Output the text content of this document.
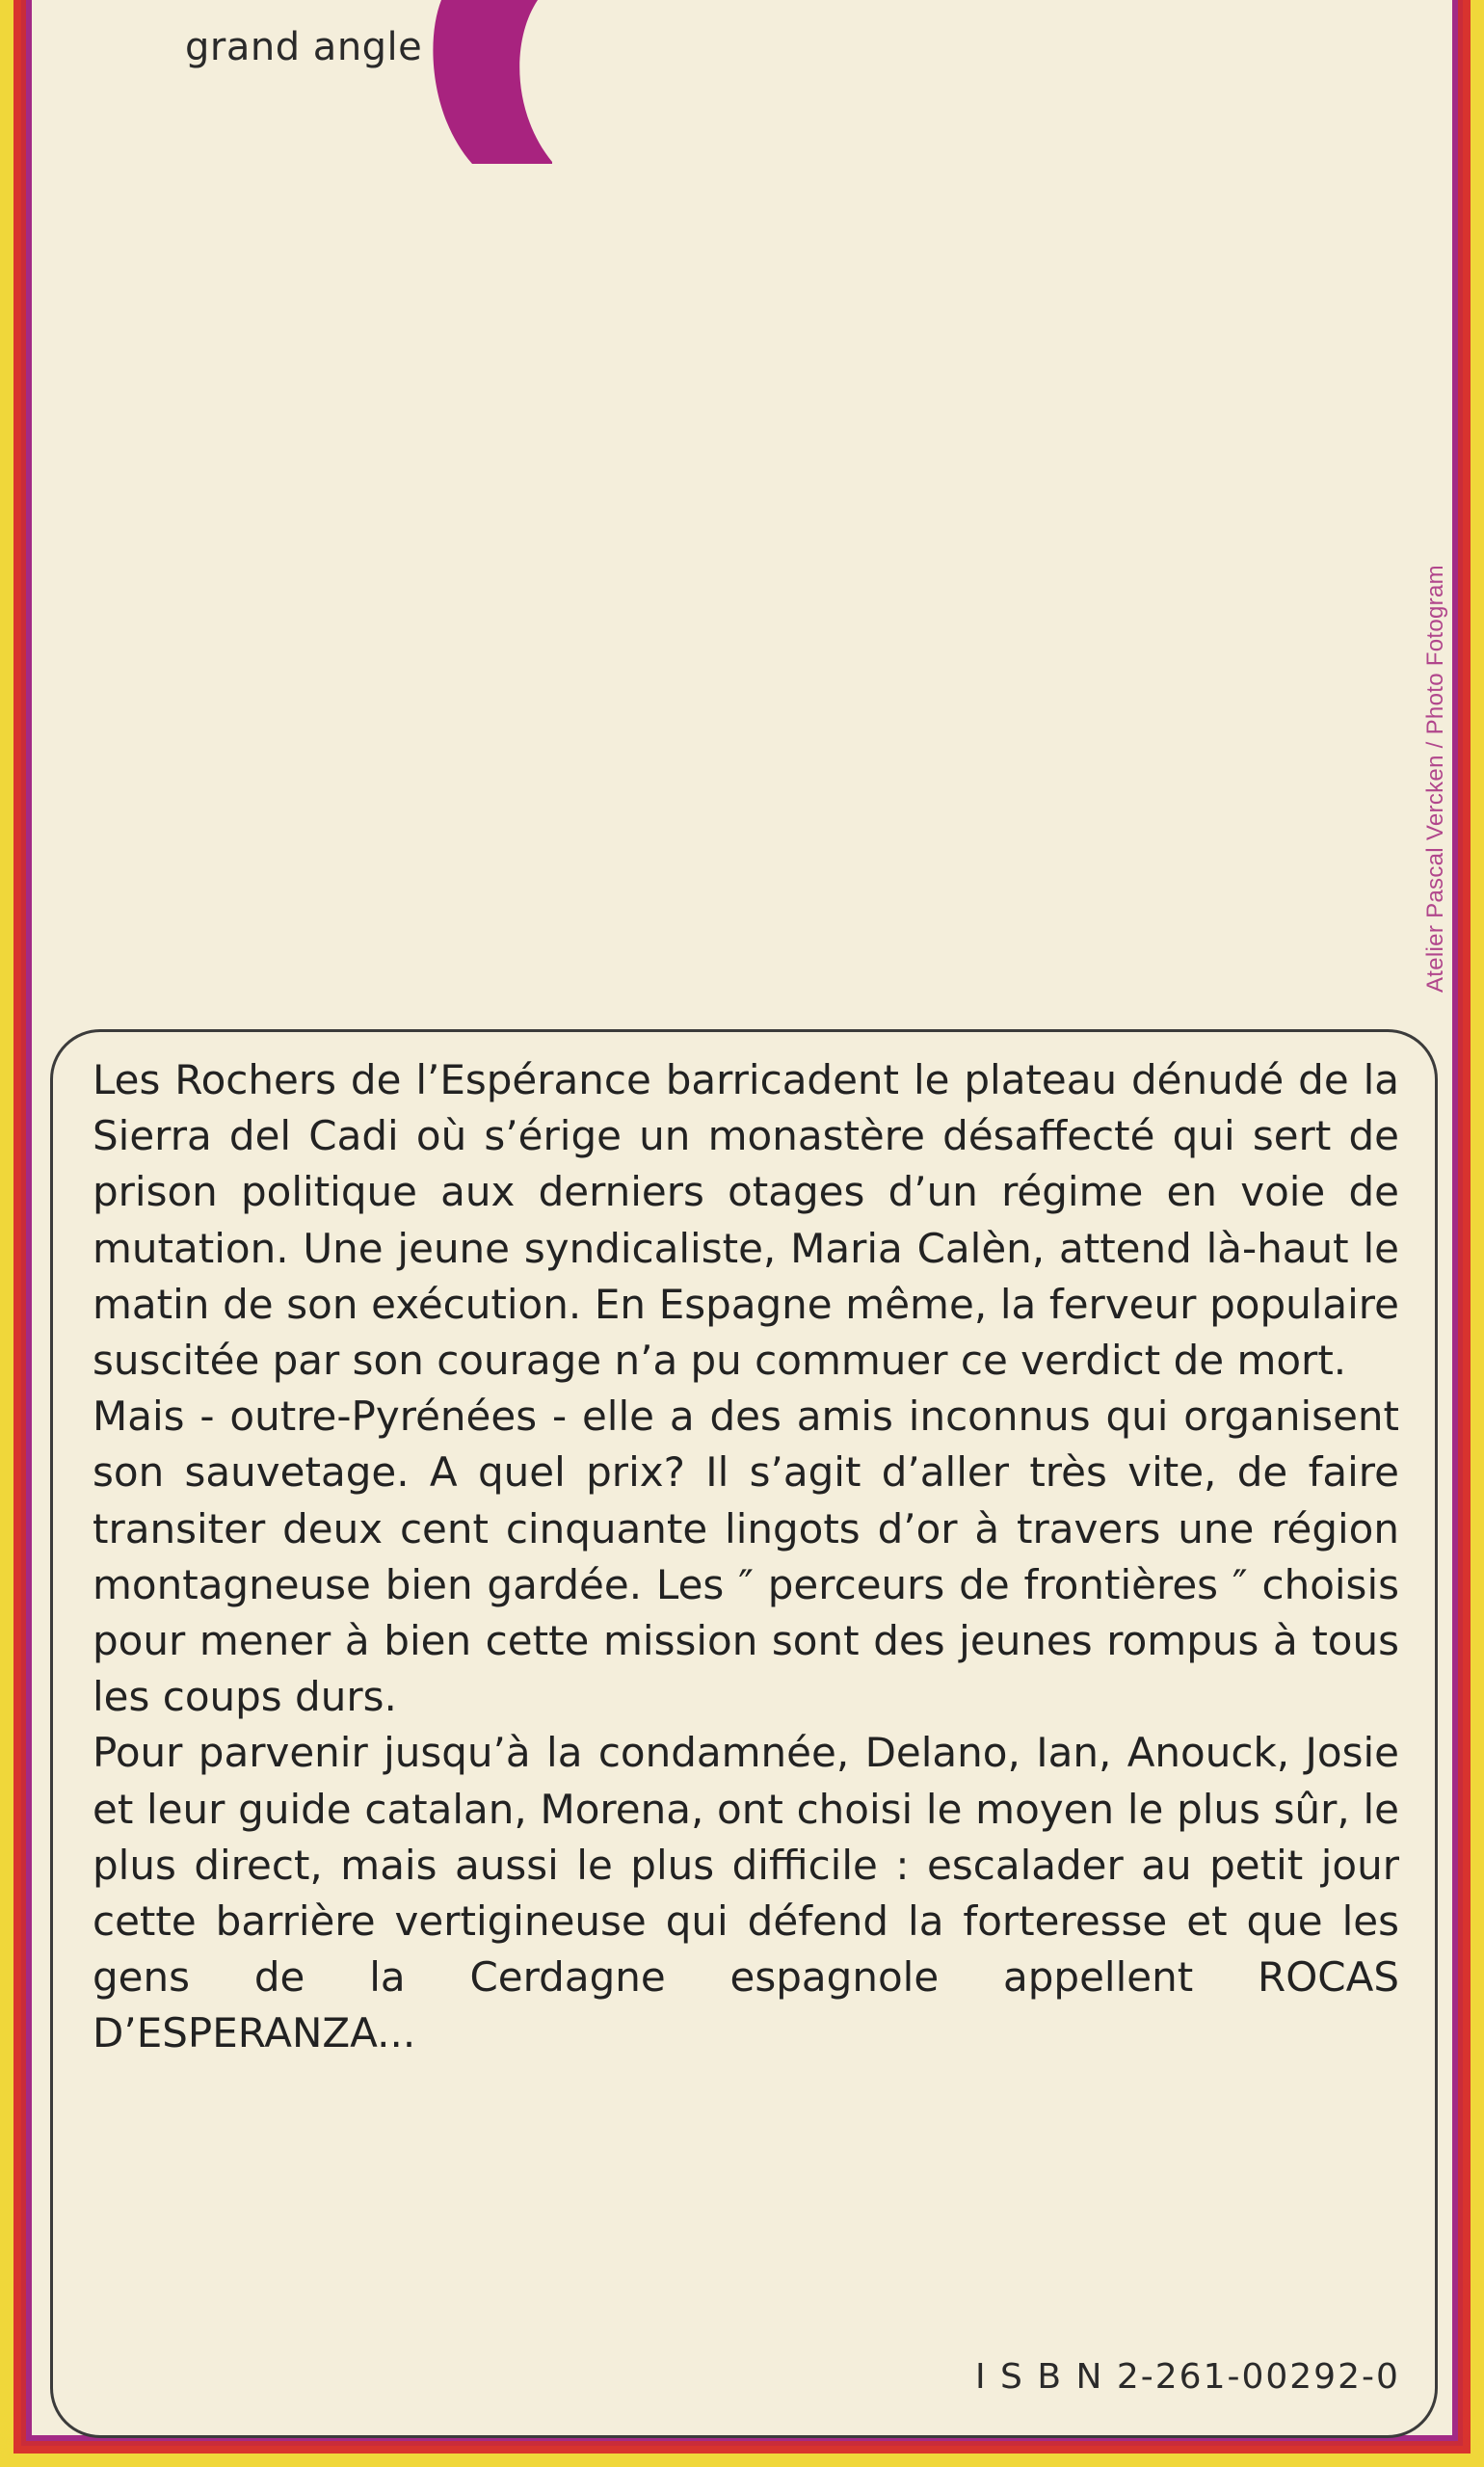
grand angle
Atelier Pascal Vercken / Photo Fotogram

Les Rochers de l’Espérance barricadent le plateau dénudé de la Sierra del Cadi où s’érige un monastère désaffecté qui sert de prison politique aux derniers otages d’un régime en voie de mutation. Une jeune syndicaliste, Maria Calèn, attend là-haut le matin de son exécution. En Espagne même, la ferveur populaire suscitée par son courage n’a pu commuer ce verdict de mort.

Mais - outre-Pyrénées - elle a des amis inconnus qui organisent son sauvetage. A quel prix? Il s’agit d’aller très vite, de faire transiter deux cent cinquante lingots d’or à travers une région montagneuse bien gardée. Les ″ perceurs de frontières ″ choisis pour mener à bien cette mission sont des jeunes rompus à tous les coups durs.

Pour parvenir jusqu’à la condamnée, Delano, Ian, Anouck, Josie et leur guide catalan, Morena, ont choisi le moyen le plus sûr, le plus direct, mais aussi le plus difficile : escalader au petit jour cette barrière vertigineuse qui défend la forteresse et que les gens de la Cerdagne espagnole appellent ROCAS D’ESPERANZA...

I S B N 2-261-00292-0
